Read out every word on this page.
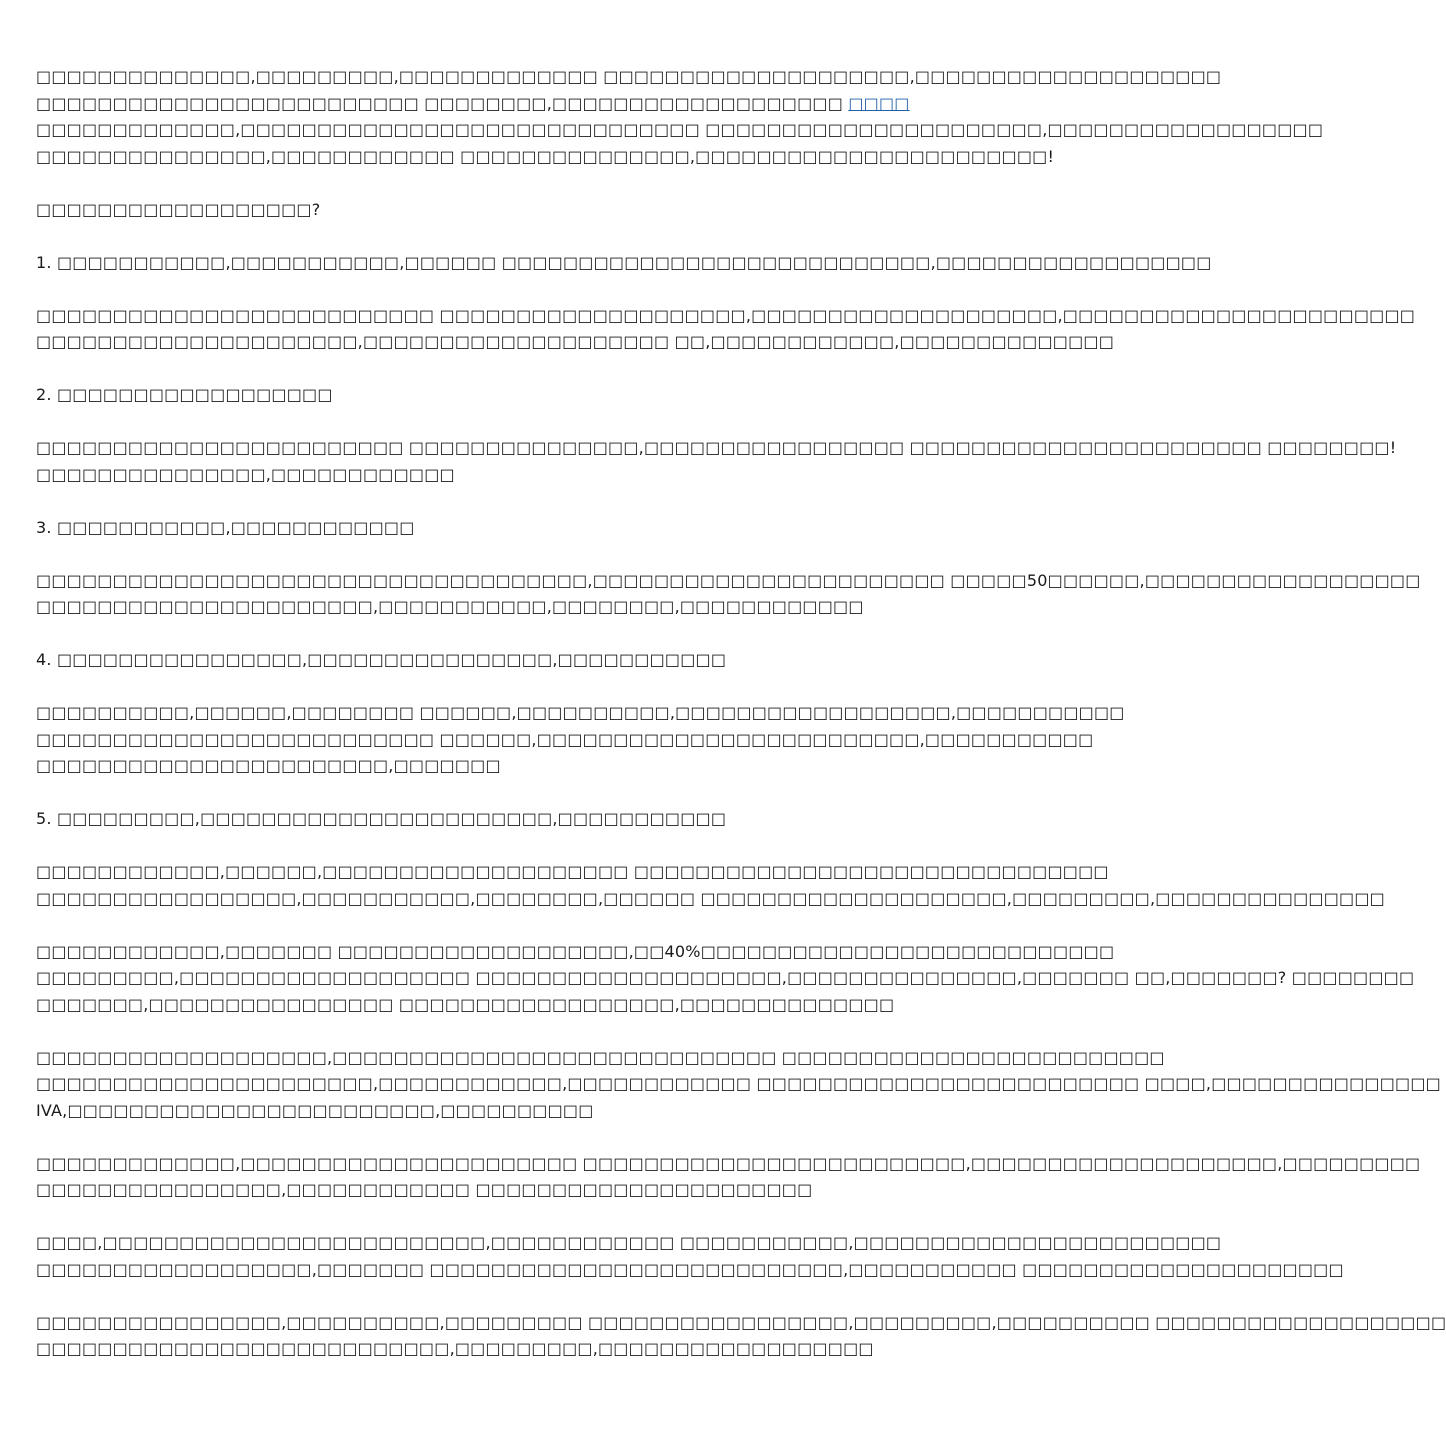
□□□□□□□□□□□□□□,□□□□□□□□□,□□□□□□□□□□□□□ □□□□□□□□□□□□□□□□□□□□,□□□□□□□□□□□□□□□□□□□□
□□□□□□□□□□□□□□□□□□□□□□□□□ □□□□□□□□,□□□□□□□□□□□□□□□□□□□ □□□□
□□□□□□□□□□□□□,□□□□□□□□□□□□□□□□□□□□□□□□□□□□□□ □□□□□□□□□□□□□□□□□□□□□□,□□□□□□□□□□□□□□□□□□
□□□□□□□□□□□□□□□,□□□□□□□□□□□□ □□□□□□□□□□□□□□□,□□□□□□□□□□□□□□□□□□□□□□□!

□□□□□□□□□□□□□□□□□□?

1. □□□□□□□□□□□,□□□□□□□□□□□,□□□□□□ □□□□□□□□□□□□□□□□□□□□□□□□□□□□,□□□□□□□□□□□□□□□□□□

□□□□□□□□□□□□□□□□□□□□□□□□□□ □□□□□□□□□□□□□□□□□□□□,□□□□□□□□□□□□□□□□□□□□,□□□□□□□□□□□□□□□□□□□□□□□
□□□□□□□□□□□□□□□□□□□□□,□□□□□□□□□□□□□□□□□□□□ □□,□□□□□□□□□□□□,□□□□□□□□□□□□□□

2. □□□□□□□□□□□□□□□□□□

□□□□□□□□□□□□□□□□□□□□□□□□ □□□□□□□□□□□□□□□,□□□□□□□□□□□□□□□□□ □□□□□□□□□□□□□□□□□□□□□□□ □□□□□□□□!
□□□□□□□□□□□□□□□,□□□□□□□□□□□□

3. □□□□□□□□□□□,□□□□□□□□□□□□

□□□□□□□□□□□□□□□□□□□□□□□□□□□□□□□□□□□□,□□□□□□□□□□□□□□□□□□□□□□□ □□□□□50□□□□□□,□□□□□□□□□□□□□□□□□□
□□□□□□□□□□□□□□□□□□□□□□,□□□□□□□□□□□,□□□□□□□□,□□□□□□□□□□□□

4. □□□□□□□□□□□□□□□□,□□□□□□□□□□□□□□□□,□□□□□□□□□□□

□□□□□□□□□□,□□□□□□,□□□□□□□□ □□□□□□,□□□□□□□□□□,□□□□□□□□□□□□□□□□□□,□□□□□□□□□□□
□□□□□□□□□□□□□□□□□□□□□□□□□□ □□□□□□,□□□□□□□□□□□□□□□□□□□□□□□□□,□□□□□□□□□□□
□□□□□□□□□□□□□□□□□□□□□□□,□□□□□□□

5. □□□□□□□□□,□□□□□□□□□□□□□□□□□□□□□□□,□□□□□□□□□□□

□□□□□□□□□□□□,□□□□□□,□□□□□□□□□□□□□□□□□□□□ □□□□□□□□□□□□□□□□□□□□□□□□□□□□□□□
□□□□□□□□□□□□□□□□□,□□□□□□□□□□□,□□□□□□□□,□□□□□□ □□□□□□□□□□□□□□□□□□□□,□□□□□□□□□,□□□□□□□□□□□□□□□

□□□□□□□□□□□□,□□□□□□□ □□□□□□□□□□□□□□□□□□□,□□40%□□□□□□□□□□□□□□□□□□□□□□□□□□□
□□□□□□□□□,□□□□□□□□□□□□□□□□□□□ □□□□□□□□□□□□□□□□□□□□,□□□□□□□□□□□□□□□,□□□□□□□ □□,□□□□□□□? □□□□□□□□
□□□□□□□,□□□□□□□□□□□□□□□□ □□□□□□□□□□□□□□□□□□,□□□□□□□□□□□□□□

□□□□□□□□□□□□□□□□□□□,□□□□□□□□□□□□□□□□□□□□□□□□□□□□□ □□□□□□□□□□□□□□□□□□□□□□□□□
□□□□□□□□□□□□□□□□□□□□□□,□□□□□□□□□□□□,□□□□□□□□□□□□ □□□□□□□□□□□□□□□□□□□□□□□□□ □□□□,□□□□□□□□□□□□□□□
IVA,□□□□□□□□□□□□□□□□□□□□□□□□,□□□□□□□□□□

□□□□□□□□□□□□□,□□□□□□□□□□□□□□□□□□□□□□ □□□□□□□□□□□□□□□□□□□□□□□□□,□□□□□□□□□□□□□□□□□□□□,□□□□□□□□□
□□□□□□□□□□□□□□□□,□□□□□□□□□□□□ □□□□□□□□□□□□□□□□□□□□□□

□□□□,□□□□□□□□□□□□□□□□□□□□□□□□□,□□□□□□□□□□□□ □□□□□□□□□□□,□□□□□□□□□□□□□□□□□□□□□□□□
□□□□□□□□□□□□□□□□□□,□□□□□□□ □□□□□□□□□□□□□□□□□□□□□□□□□□□,□□□□□□□□□□□ □□□□□□□□□□□□□□□□□□□□□

□□□□□□□□□□□□□□□□,□□□□□□□□□□,□□□□□□□□□ □□□□□□□□□□□□□□□□□,□□□□□□□□□,□□□□□□□□□□ □□□□□□□□□□□□□□□□□□□
□□□□□□□□□□□□□□□□□□□□□□□□□□□,□□□□□□□□□,□□□□□□□□□□□□□□□□□□
